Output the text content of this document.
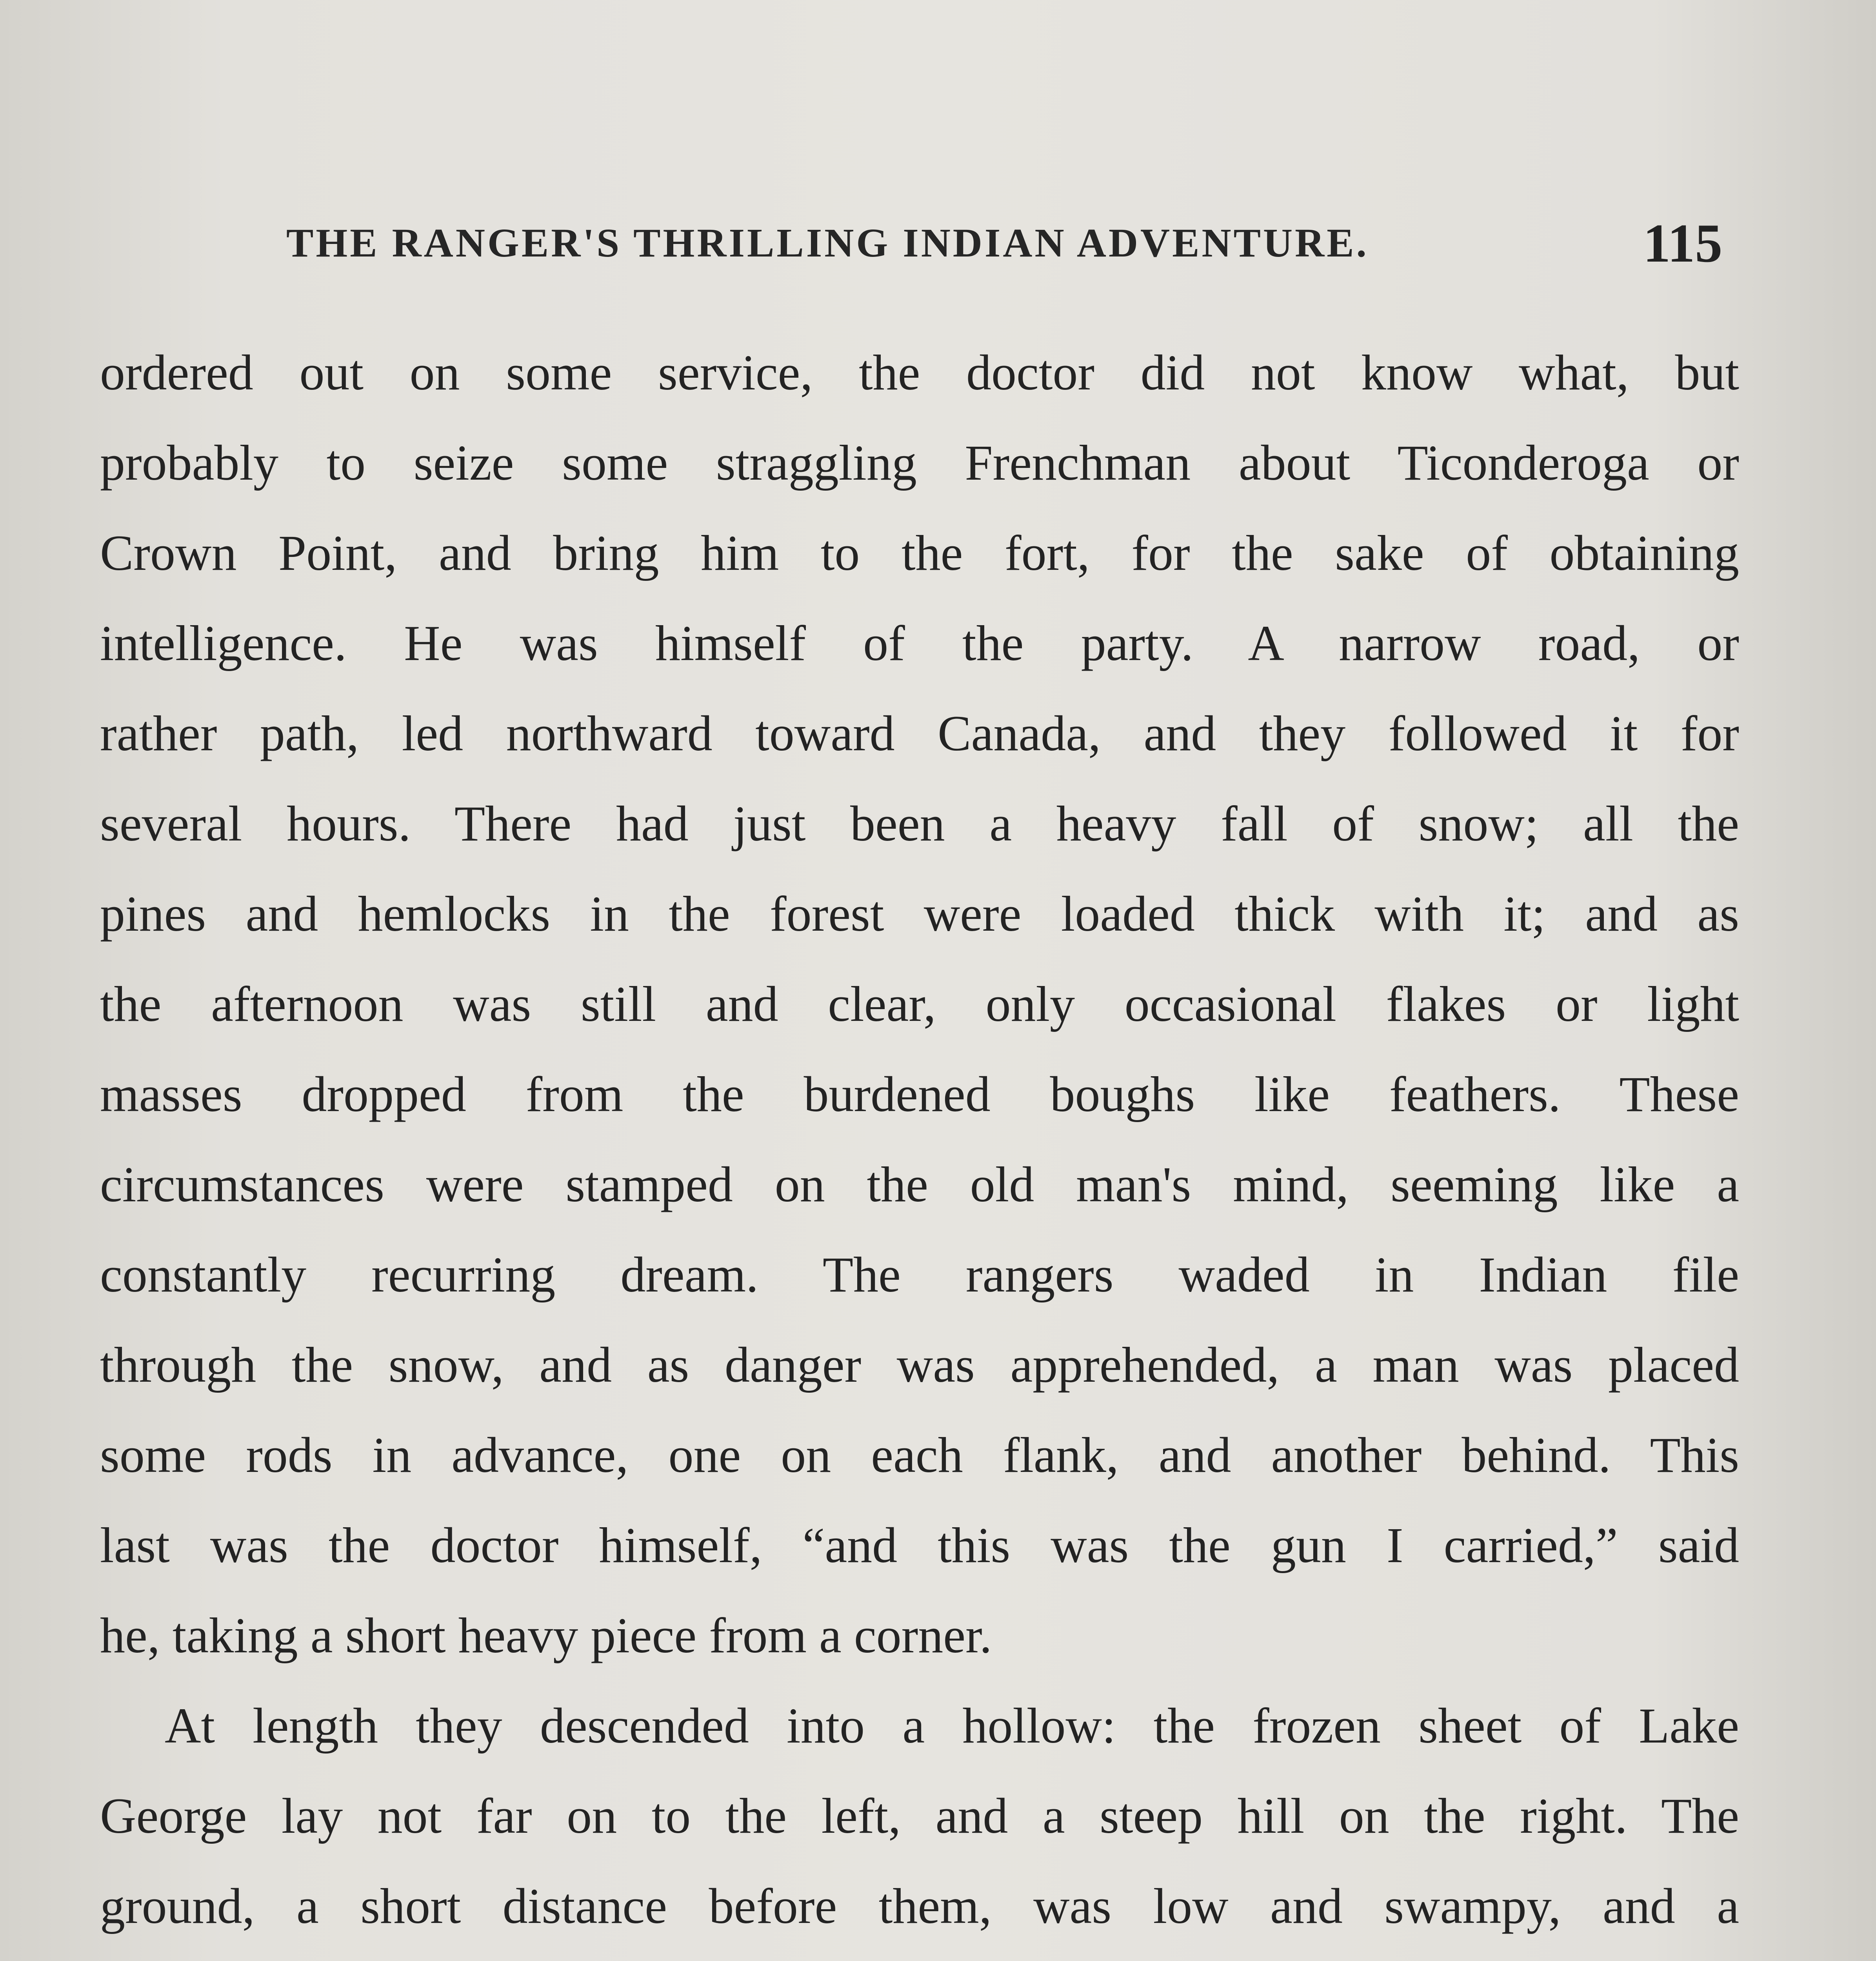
THE RANGER'S THRILLING INDIAN ADVENTURE.	115
ordered out on some service, the doctor did not know what, but
probably to seize some straggling Frenchman about Ticonderoga or
Crown Point, and bring him to the fort, for the sake of obtaining
intelligence. He was himself of the party. A narrow road, or
rather path, led northward toward Canada, and they followed it for
several hours. There had just been a heavy fall of snow; all the
pines and hemlocks in the forest were loaded thick with it; and as
the afternoon was still and clear, only occasional flakes or light
masses dropped from the burdened boughs like feathers. These
circumstances were stamped on the old man's mind, seeming like a
constantly recurring dream. The rangers waded in Indian file
through the snow, and as danger was apprehended, a man was placed
some rods in advance, one on each flank, and another behind. This
last was the doctor himself, “and this was the gun I carried,” said
he, taking a short heavy piece from a corner.
At length they descended into a hollow: the frozen sheet of Lake
George lay not far on to the left, and a steep hill on the right. The
ground, a short distance before them, was low and swampy, and a
